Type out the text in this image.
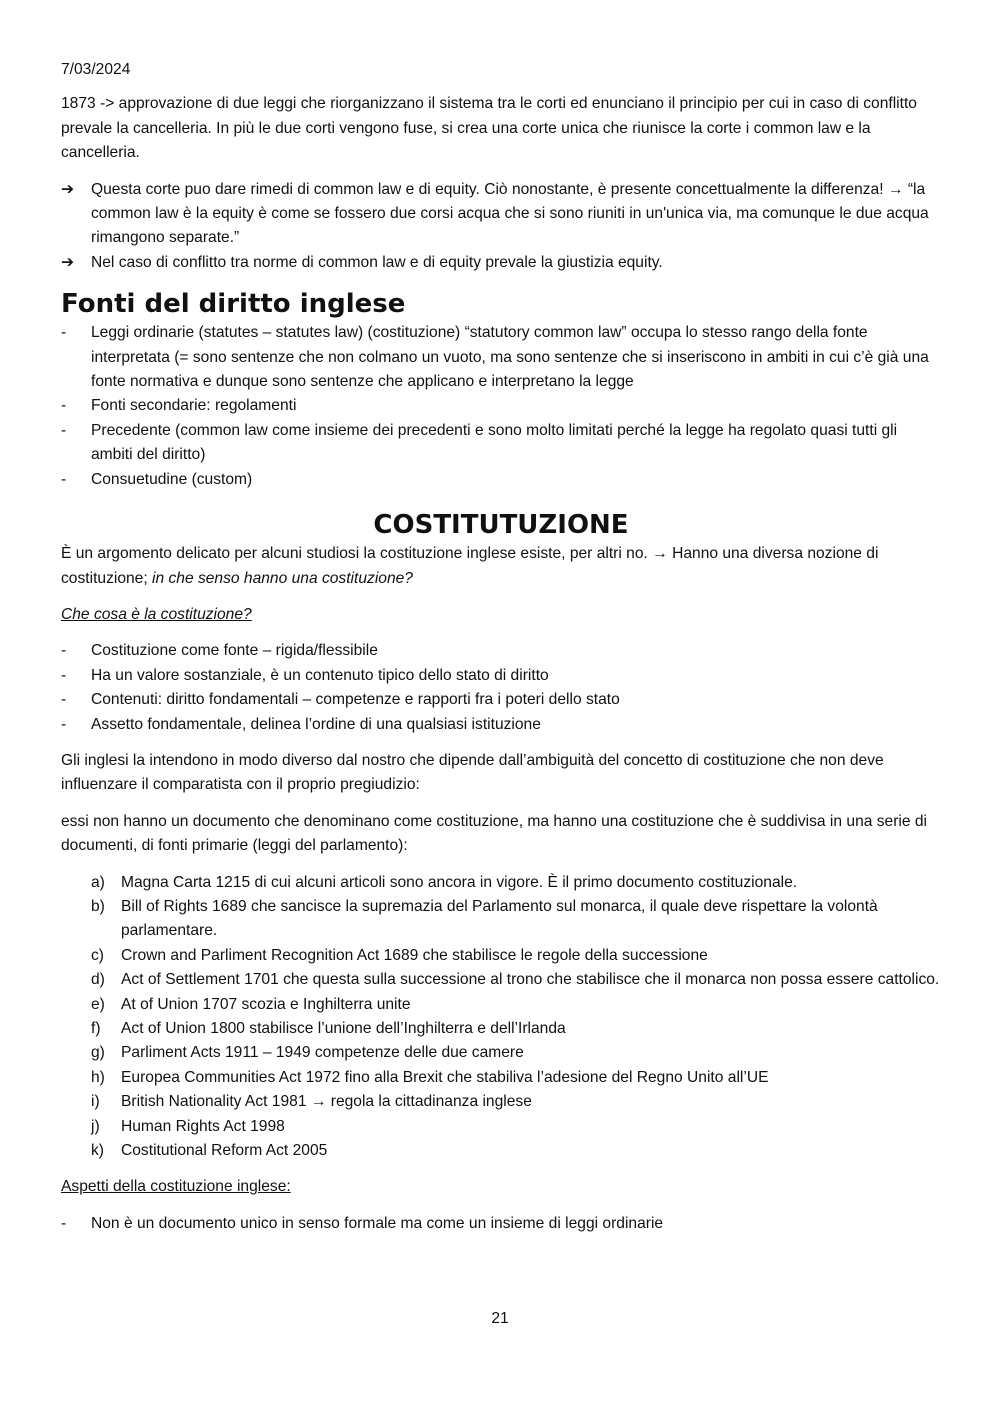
7/03/2024

1873 -> approvazione di due leggi che riorganizzano il sistema tra le corti ed enunciano il principio per cui in caso di conflitto prevale la cancelleria. In più le due corti vengono fuse, si crea una corte unica che riunisce la corte i common law e la cancelleria.

➔ Questa corte puo dare rimedi di common law e di equity. Ciò nonostante, è presente concettualmente la differenza! → “la common law è la equity è come se fossero due corsi acqua che si sono riuniti in un'unica via, ma comunque le due acqua rimangono separate.”
➔ Nel caso di conflitto tra norme di common law e di equity prevale la giustizia equity.
Fonti del diritto inglese
- Leggi ordinarie (statutes – statutes law) (costituzione) “statutory common law” occupa lo stesso rango della fonte interpretata (= sono sentenze che non colmano un vuoto, ma sono sentenze che si inseriscono in ambiti in cui c’è già una fonte normativa e dunque sono sentenze che applicano e interpretano la legge
- Fonti secondarie: regolamenti
- Precedente (common law come insieme dei precedenti e sono molto limitati perché la legge ha regolato quasi tutti gli ambiti del diritto)
- Consuetudine (custom)
COSTITUTUZIONE

È un argomento delicato per alcuni studiosi la costituzione inglese esiste, per altri no. → Hanno una diversa nozione di costituzione; in che senso hanno una costituzione?

Che cosa è la costituzione?

- Costituzione come fonte – rigida/flessibile
- Ha un valore sostanziale, è un contenuto tipico dello stato di diritto
- Contenuti: diritto fondamentali – competenze e rapporti fra i poteri dello stato
- Assetto fondamentale, delinea l’ordine di una qualsiasi istituzione

Gli inglesi la intendono in modo diverso dal nostro che dipende dall’ambiguità del concetto di costituzione che non deve influenzare il comparatista con il proprio pregiudizio:

essi non hanno un documento che denominano come costituzione, ma hanno una costituzione che è suddivisa in una serie di documenti, di fonti primarie (leggi del parlamento):

a) Magna Carta 1215 di cui alcuni articoli sono ancora in vigore. È il primo documento costituzionale.
b) Bill of Rights 1689 che sancisce la supremazia del Parlamento sul monarca, il quale deve rispettare la volontà parlamentare.
c) Crown and Parliment Recognition Act 1689 che stabilisce le regole della successione
d) Act of Settlement 1701 che questa sulla successione al trono che stabilisce che il monarca non possa essere cattolico.
e) At of Union 1707 scozia e Inghilterra unite
f) Act of Union 1800 stabilisce l’unione dell’Inghilterra e dell’Irlanda
g) Parliment Acts 1911 – 1949 competenze delle due camere
h) Europea Communities Act 1972 fino alla Brexit che stabiliva l’adesione del Regno Unito all’UE
i) British Nationality Act 1981 → regola la cittadinanza inglese
j) Human Rights Act 1998
k) Costitutional Reform Act 2005

Aspetti della costituzione inglese:

- Non è un documento unico in senso formale ma come un insieme di leggi ordinarie
21
